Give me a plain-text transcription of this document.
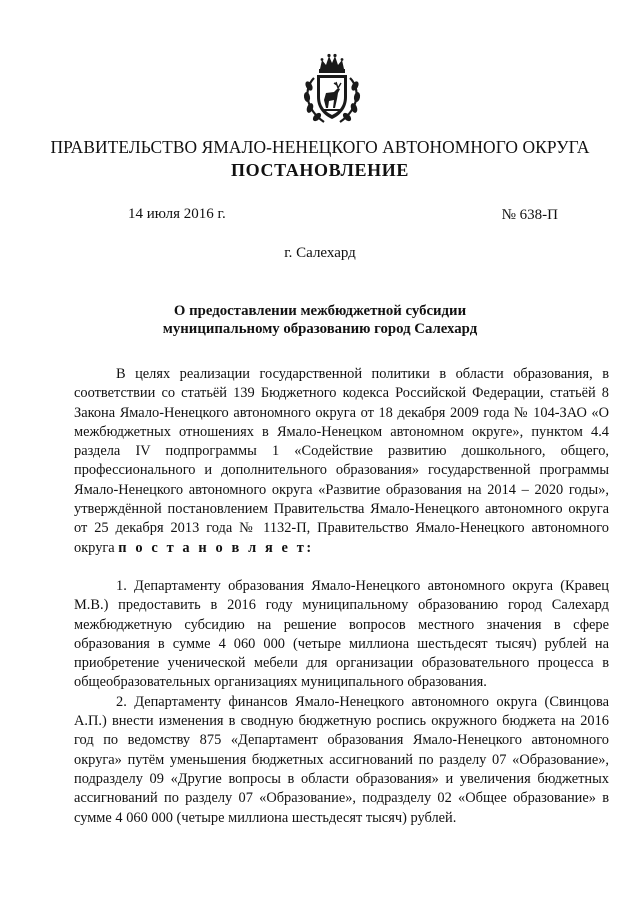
ПРАВИТЕЛЬСТВО ЯМАЛО-НЕНЕЦКОГО АВТОНОМНОГО ОКРУГА
ПОСТАНОВЛЕНИЕ
14 июля 2016 г.	№ 638-П
г. Салехард
О предоставлении межбюджетной субсидии
муниципальному образованию город Салехард

В целях реализации государственной политики в области образования, в соответствии со статьёй 139 Бюджетного кодекса Российской Федерации, статьёй 8 Закона Ямало-Ненецкого автономного округа от 18 декабря 2009 года № 104-ЗАО «О межбюджетных отношениях в Ямало-Ненецком автономном округе», пунктом 4.4 раздела IV подпрограммы 1 «Содействие развитию дошкольного, общего, профессионального и дополнительного образования» государственной программы Ямало-Ненецкого автономного округа «Развитие образования на 2014 – 2020 годы», утверждённой постановлением Правительства Ямало-Ненецкого автономного округа от 25 декабря 2013 года № 1132-П, Правительство Ямало-Ненецкого автономного округа п о с т а н о в л я е т:

1. Департаменту образования Ямало-Ненецкого автономного округа (Кравец М.В.) предоставить в 2016 году муниципальному образованию город Салехард межбюджетную субсидию на решение вопросов местного значения в сфере образования в сумме 4 060 000 (четыре миллиона шестьдесят тысяч) рублей на приобретение ученической мебели для организации образовательного процесса в общеобразовательных организациях муниципального образования.

2. Департаменту финансов Ямало-Ненецкого автономного округа (Свинцова А.П.) внести изменения в сводную бюджетную роспись окружного бюджета на 2016 год по ведомству 875 «Департамент образования Ямало-Ненецкого автономного округа» путём уменьшения бюджетных ассигнований по разделу 07 «Образование», подразделу 09 «Другие вопросы в области образования» и увеличения бюджетных ассигнований по разделу 07 «Образование», подразделу 02 «Общее образование» в сумме 4 060 000 (четыре миллиона шестьдесят тысяч) рублей.
